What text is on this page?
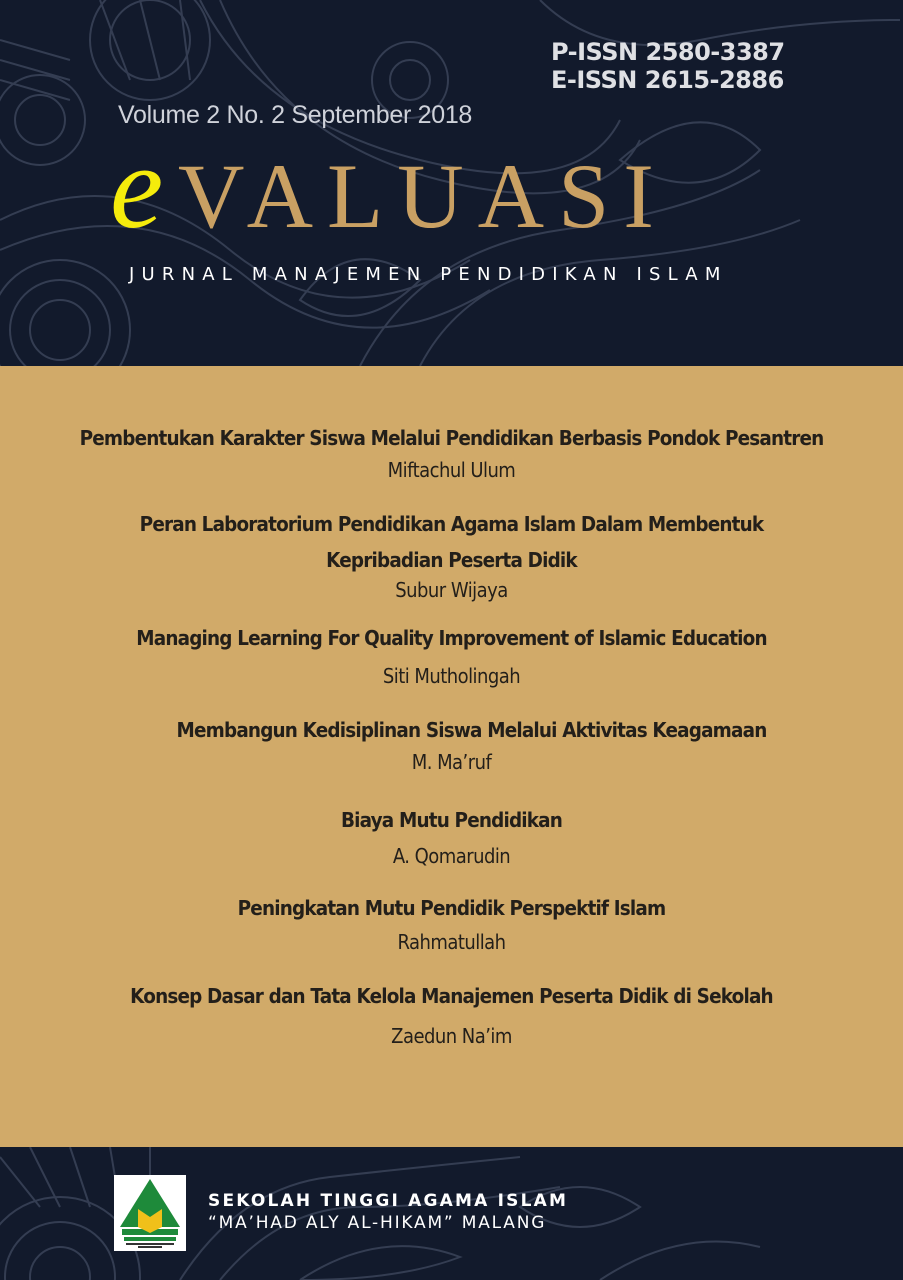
P-ISSN 2580-3387
E-ISSN 2615-2886
Volume 2 No. 2 September 2018
e VALUASI
JURNAL MANAJEMEN PENDIDIKAN ISLAM
Pembentukan Karakter Siswa Melalui Pendidikan Berbasis Pondok Pesantren
Miftachul Ulum
Peran Laboratorium Pendidikan Agama Islam Dalam Membentuk
Kepribadian Peserta Didik
Subur Wijaya
Managing Learning For Quality Improvement of Islamic Education
Siti Mutholingah
Membangun Kedisiplinan Siswa Melalui Aktivitas Keagamaan
M. Ma’ruf
Biaya Mutu Pendidikan
A. Qomarudin
Peningkatan Mutu Pendidik Perspektif Islam
Rahmatullah
Konsep Dasar dan Tata Kelola Manajemen Peserta Didik di Sekolah
Zaedun Na’im
SEKOLAH TINGGI AGAMA ISLAM
“MA’HAD ALY AL-HIKAM” MALANG
